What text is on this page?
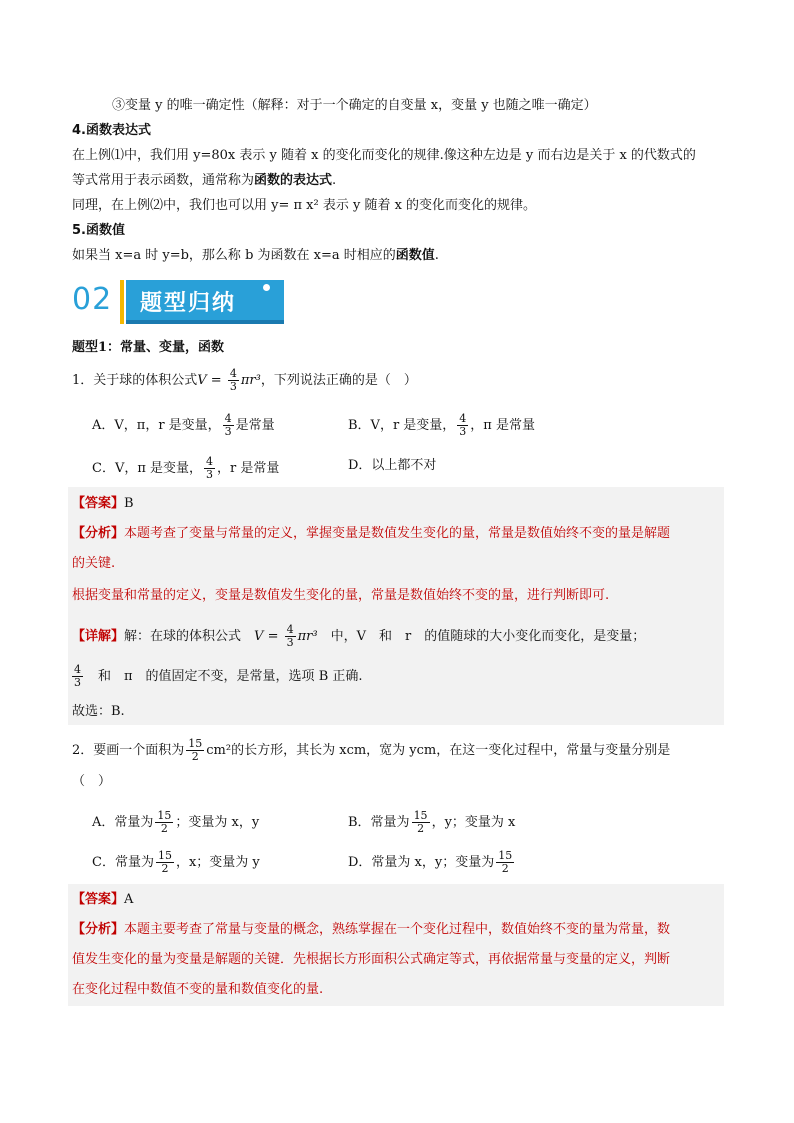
③变量 y 的唯一确定性（解释：对于一个确定的自变量 x，变量 y 也随之唯一确定）
4.函数表达式
在上例⑴中，我们用 y=80x 表示 y 随着 x 的变化而变化的规律.像这种左边是 y 而右边是关于 x 的代数式的
等式常用于表示函数，通常称为函数的表达式.
同理，在上例⑵中，我们也可以用 y= π x² 表示 y 随着 x 的变化而变化的规律。
5.函数值
如果当 x=a 时 y=b，那么称 b 为函数在 x=a 时相应的函数值.
02 题型归纳
题型1：常量、变量，函数
1．关于球的体积公式$V = \frac{4}{3} \pi r^3$，下列说法正确的是（　）
A．V，π，r 是变量， $\frac{4}{3}$ 是常量	B．V，r 是变量， $\frac{4}{3}$ ，π 是常量
C．V，π 是变量， $\frac{4}{3}$ ，r 是常量	D．以上都不对
【答案】B
【分析】本题考查了变量与常量的定义，掌握变量是数值发生变化的量，常量是数值始终不变的量是解题
的关键.
根据变量和常量的定义，变量是数值发生变化的量，常量是数值始终不变的量，进行判断即可.
【详解】解：在球的体积公式　 $V = \frac{4}{3} \pi r^3$　 中，V　和　r　的值随球的大小变化而变化，是变量；
$\frac{4}{3}$
　 和　π　的值固定不变，是常量，选项 B 正确.
故选：B.
2．要画一个面积为 $\frac{15}{2} cm^2$的长方形，其长为 xcm，宽为 ycm，在这一变化过程中，常量与变量分别是
（　）
A．常量为 $\frac{15}{2}$ ；变量为 x，y	B．常量为 $\frac{15}{2}$ ，y；变量为 x
C．常量为 $\frac{15}{2}$ ，x；变量为 y	D．常量为 x，y；变量为 $\frac{15}{2}$
【答案】A
【分析】本题主要考查了常量与变量的概念，熟练掌握在一个变化过程中，数值始终不变的量为常量，数
值发生变化的量为变量是解题的关键．先根据长方形面积公式确定等式，再依据常量与变量的定义，判断
在变化过程中数值不变的量和数值变化的量.
